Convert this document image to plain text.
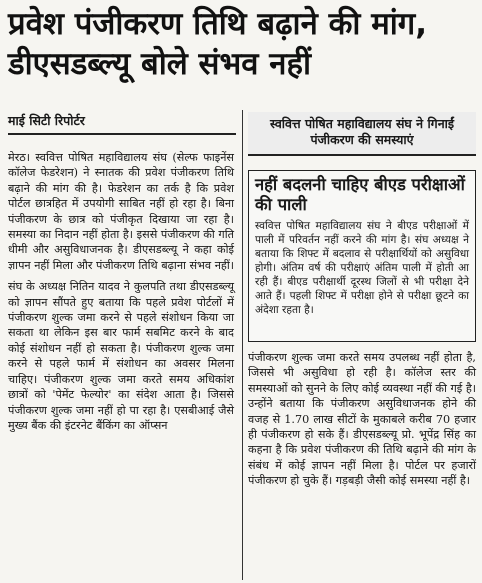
प्रवेश पंजीकरण तिथि बढ़ाने की मांग, डीएसडब्ल्यू बोले संभव नहीं
माई सिटी रिपोर्टर

मेरठ। स्ववित्त पोषित महाविद्यालय संघ (सेल्फ फाइनेंस कॉलेज फेडरेशन) ने स्नातक की प्रवेश पंजीकरण तिथि बढ़ाने की मांग की है। फेडरेशन का तर्क है कि प्रवेश पोर्टल छात्रहित में उपयोगी साबित नहीं हो रहा है। बिना पंजीकरण के छात्र को पंजीकृत दिखाया जा रहा है। समस्या का निदान नहीं होता है। इससे पंजीकरण की गति धीमी और असुविधाजनक है। डीएसडब्ल्यू ने कहा कोई ज्ञापन नहीं मिला और पंजीकरण तिथि बढ़ाना संभव नहीं।

संघ के अध्यक्ष नितिन यादव ने कुलपति तथा डीएसडब्ल्यू को ज्ञापन सौंपते हुए बताया कि पहले प्रवेश पोर्टलों में पंजीकरण शुल्क जमा करने से पहले संशोधन किया जा सकता था लेकिन इस बार फार्म सबमिट करने के बाद कोई संशोधन नहीं हो सकता है। पंजीकरण शुल्क जमा करने से पहले फार्म में संशोधन का अवसर मिलना चाहिए। पंजीकरण शुल्क जमा करते समय अधिकांश छात्रों को 'पेमेंट फेल्योर' का संदेश आता है। जिससे पंजीकरण शुल्क जमा नहीं हो पा रहा है। एसबीआई जैसे मुख्य बैंक की इंटरनेट बैंकिंग का ऑप्सन

स्ववित्त पोषित महाविद्यालय संघ ने गिनाईं पंजीकरण की समस्याएं
नहीं बदलनी चाहिए बीएड परीक्षाओं की पाली
स्ववित्त पोषित महाविद्यालय संघ ने बीएड परीक्षाओं में पाली में परिवर्तन नहीं करने की मांग है। संघ अध्यक्ष ने बताया कि शिफ्ट में बदलाव से परीक्षार्थियों को असुविधा होगी। अंतिम वर्ष की परीक्षाएं अंतिम पाली में होती आ रही हैं। बीएड परीक्षार्थी दूरस्थ जिलों से भी परीक्षा देने आते हैं। पहली शिफ्ट में परीक्षा होने से परीक्षा छूटने का अंदेशा रहता है।
पंजीकरण शुल्क जमा करते समय उपलब्ध नहीं होता है, जिससे भी असुविधा हो रही है। कॉलेज स्तर की समस्याओं को सुनने के लिए कोई व्यवस्था नहीं की गई है। उन्होंने बताया कि पंजीकरण असुविधाजनक होने की वजह से 1.70 लाख सीटों के मुकाबले करीब 70 हजार ही पंजीकरण हो सके हैं। डीएसडब्ल्यू प्रो. भूपेंद्र सिंह का कहना है कि प्रवेश पंजीकरण की तिथि बढ़ाने की मांग के संबंध में कोई ज्ञापन नहीं मिला है। पोर्टल पर हजारों पंजीकरण हो चुके हैं। गड़बड़ी जैसी कोई समस्या नहीं है।
